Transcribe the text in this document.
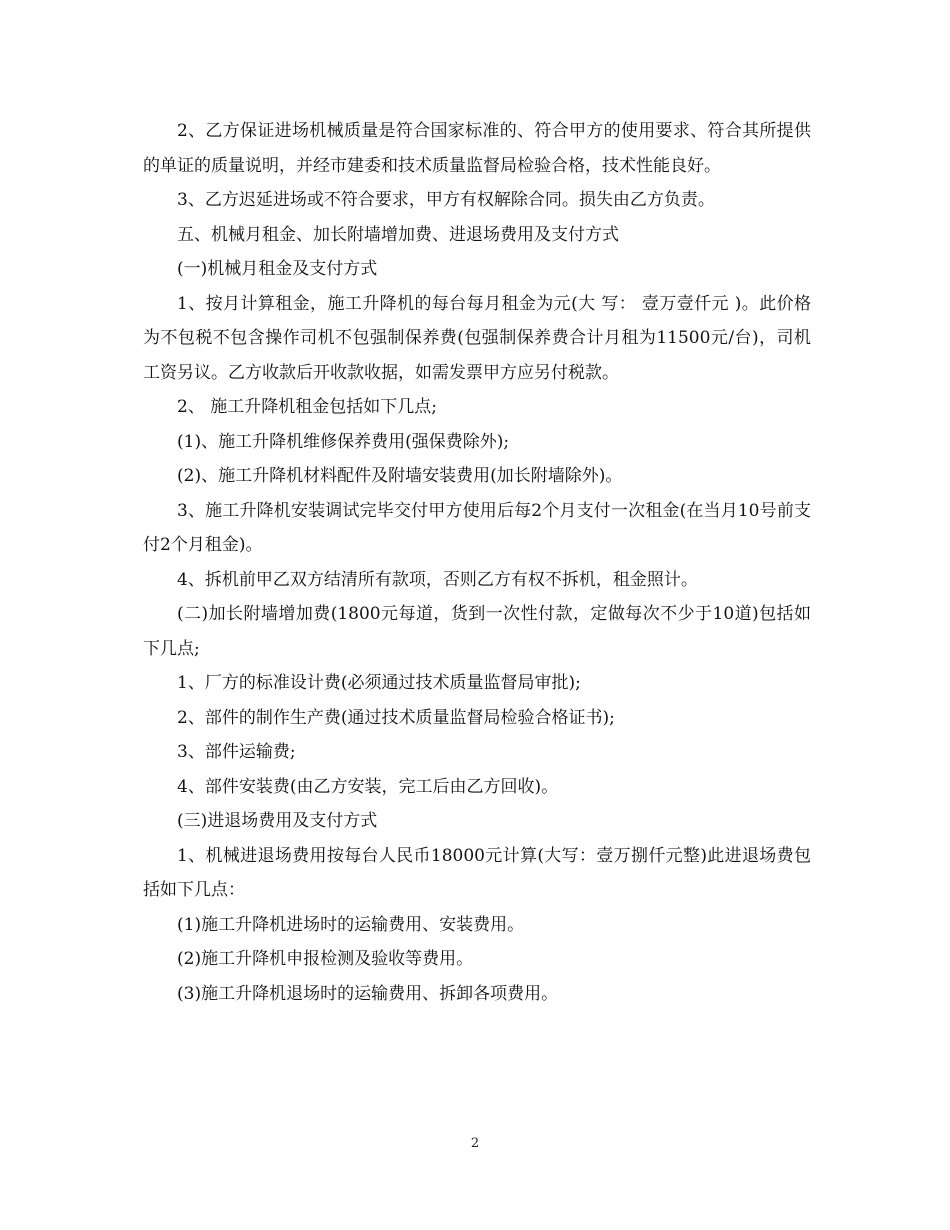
2、乙方保证进场机械质量是符合国家标准的、符合甲方的使用要求、符合其所提供的单证的质量说明，并经市建委和技术质量监督局检验合格，技术性能良好。

3、乙方迟延进场或不符合要求，甲方有权解除合同。损失由乙方负责。

五、机械月租金、加长附墙增加费、进退场费用及支付方式

(一)机械月租金及支付方式

1、按月计算租金，施工升降机的每台每月租金为元(大 写： 壹万壹仟元 )。此价格为不包税不包含操作司机不包强制保养费(包强制保养费合计月租为11500元/台)，司机工资另议。乙方收款后开收款收据，如需发票甲方应另付税款。

2、 施工升降机租金包括如下几点;

(1)、施工升降机维修保养费用(强保费除外);

(2)、施工升降机材料配件及附墙安装费用(加长附墙除外)。

3、施工升降机安装调试完毕交付甲方使用后每2个月支付一次租金(在当月10号前支付2个月租金)。

4、拆机前甲乙双方结清所有款项，否则乙方有权不拆机，租金照计。

(二)加长附墙增加费(1800元每道，货到一次性付款，定做每次不少于10道)包括如下几点;

1、厂方的标准设计费(必须通过技术质量监督局审批);

2、部件的制作生产费(通过技术质量监督局检验合格证书);

3、部件运输费;

4、部件安装费(由乙方安装，完工后由乙方回收)。

(三)进退场费用及支付方式

1、机械进退场费用按每台人民币18000元计算(大写：壹万捌仟元整)此进退场费包括如下几点：

(1)施工升降机进场时的运输费用、安装费用。

(2)施工升降机申报检测及验收等费用。

(3)施工升降机退场时的运输费用、拆卸各项费用。

2
